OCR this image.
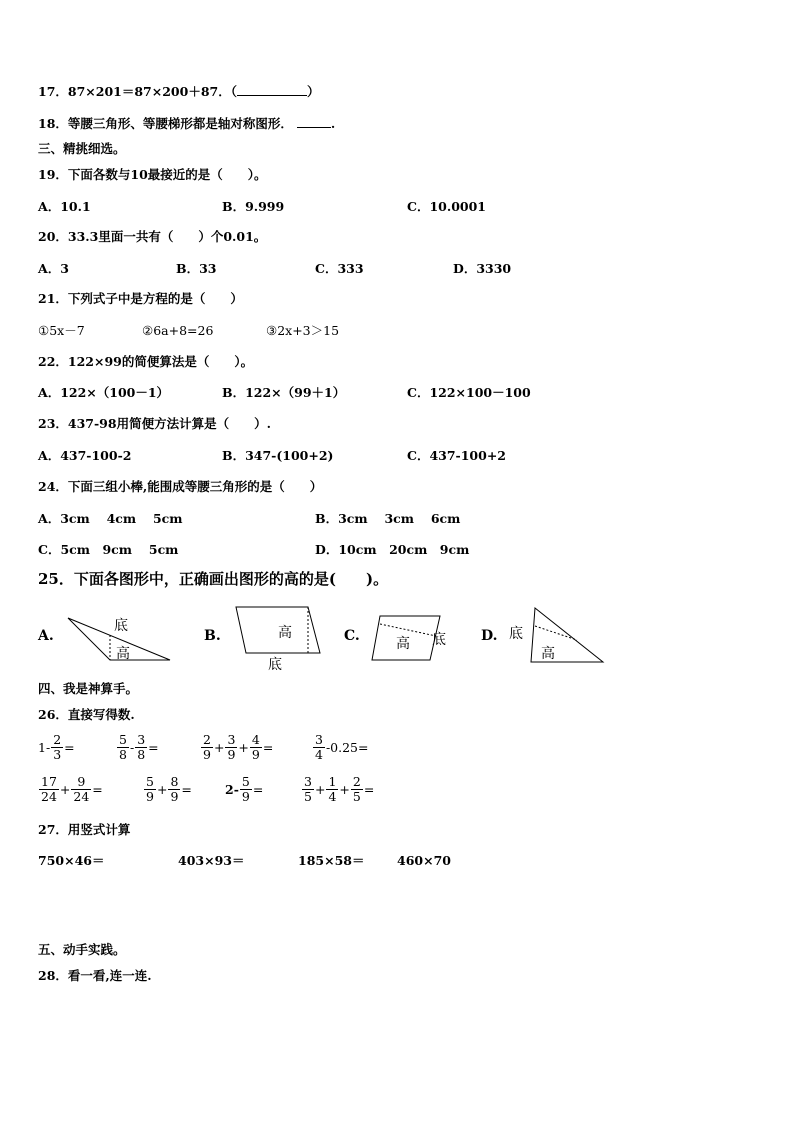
17．87×201＝87×200＋87．（	）
18．等腰三角形、等腰梯形都是轴对称图形．	.
三、精挑细选。
19．下面各数与10最接近的是（　　）。
A．10.1	B．9.999	C．10.0001
20．33.3里面一共有（　　）个0.01。
A．3	B．33	C．333	D．3330
21．下列式子中是方程的是（　　）
①5x－7	②6a+8=26	③2x+3＞15
22．122×99的简便算法是（　　）。
A．122×（100－1）	B．122×（99＋1）	C．122×100－100
23．437-98用简便方法计算是（　　）.
A．437-100-2	B．347-(100+2)	C．437-100+2
24．下面三组小棒,能围成等腰三角形的是（　　）
A．3cm　 4cm　 5cm	B．3cm　 3cm　 6cm
C．5cm　9cm　 5cm	D．10cm　20cm　9cm
25．下面各图形中，正确画出图形的高的是(　　)。
A.
底
高
B.	高
底
C.	高 底	D. 底
高
四、我是神算手。
26．直接写得数.
$1- \frac{2}{3}$ =	$\frac{5}{8} - \frac{3}{8}$ =	$\frac{2}{9} + \frac{3}{9} + \frac{4}{9}$ =	$\frac{3}{4} -0.25=$
$\frac{17}{24} + \frac{9}{24}$ =	$\frac{5}{9} + \frac{8}{9}$ =	$2- \frac{5}{9}$ =	$\frac{3}{5} + \frac{1}{4} + \frac{2}{5}$ =
27．用竖式计算
750×46＝	403×93＝	185×58＝	460×70
五、动手实践。
28．看一看,连一连.
